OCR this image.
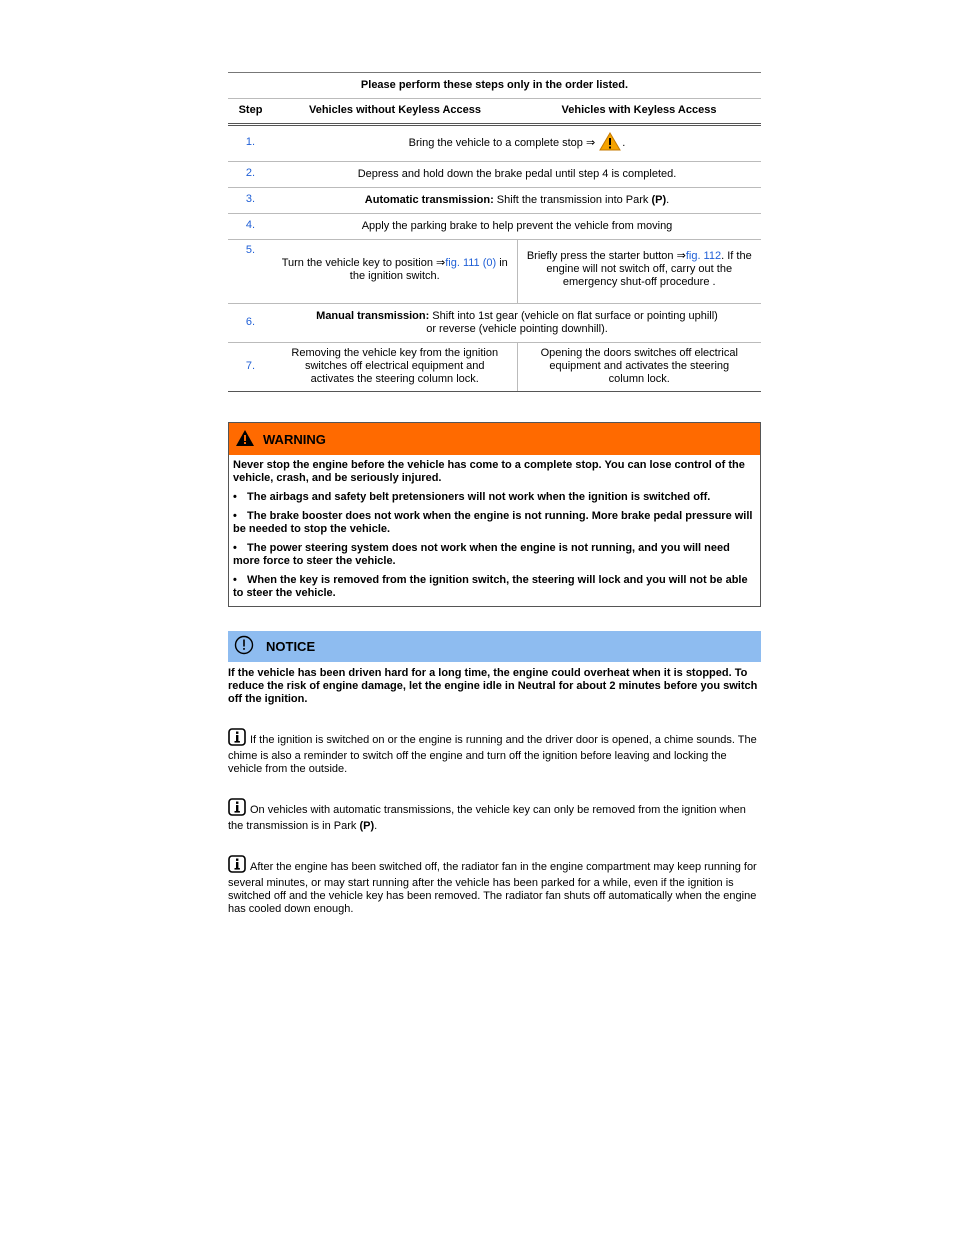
Please perform these steps only in the order listed.		
Step	Vehicles without Keyless Access	Vehicles with Keyless Access
1.	Bring the vehicle to a complete stop ⇒ .	
2.	Depress and hold down the brake pedal until step 4 is completed.	
3.	Automatic transmission: Shift the transmission into Park (P).	
4.	Apply the parking brake to help prevent the vehicle from moving	
5.	Turn the vehicle key to position ⇒fig. 111 (0) in the ignition switch.	Briefly press the starter button ⇒fig. 112. If the engine will not switch off, carry out the emergency shut-off procedure .
6.	Manual transmission: Shift into 1st gear (vehicle on flat surface or pointing uphill) or reverse (vehicle pointing downhill).	
7.	Removing the vehicle key from the ignition switches off electrical equipment and activates the steering column lock.	Opening the doors switches off electrical equipment and activates the steering column lock.
WARNING

Never stop the engine before the vehicle has come to a complete stop. You can lose control of the vehicle, crash, and be seriously injured.

• The airbags and safety belt pretensioners will not work when the ignition is switched off.

• The brake booster does not work when the engine is not running. More brake pedal pressure will be needed to stop the vehicle.

• The power steering system does not work when the engine is not running, and you will need more force to steer the vehicle.

• When the key is removed from the ignition switch, the steering will lock and you will not be able to steer the vehicle.

NOTICE
If the vehicle has been driven hard for a long time, the engine could overheat when it is stopped. To reduce the risk of engine damage, let the engine idle in Neutral for about 2 minutes before you switch off the ignition.
If the ignition is switched on or the engine is running and the driver door is opened, a chime sounds. The chime is also a reminder to switch off the engine and turn off the ignition before leaving and locking the vehicle from the outside.
On vehicles with automatic transmissions, the vehicle key can only be removed from the ignition when the transmission is in Park (P).
After the engine has been switched off, the radiator fan in the engine compartment may keep running for several minutes, or may start running after the vehicle has been parked for a while, even if the ignition is switched off and the vehicle key has been removed. The radiator fan shuts off automatically when the engine has cooled down enough.
